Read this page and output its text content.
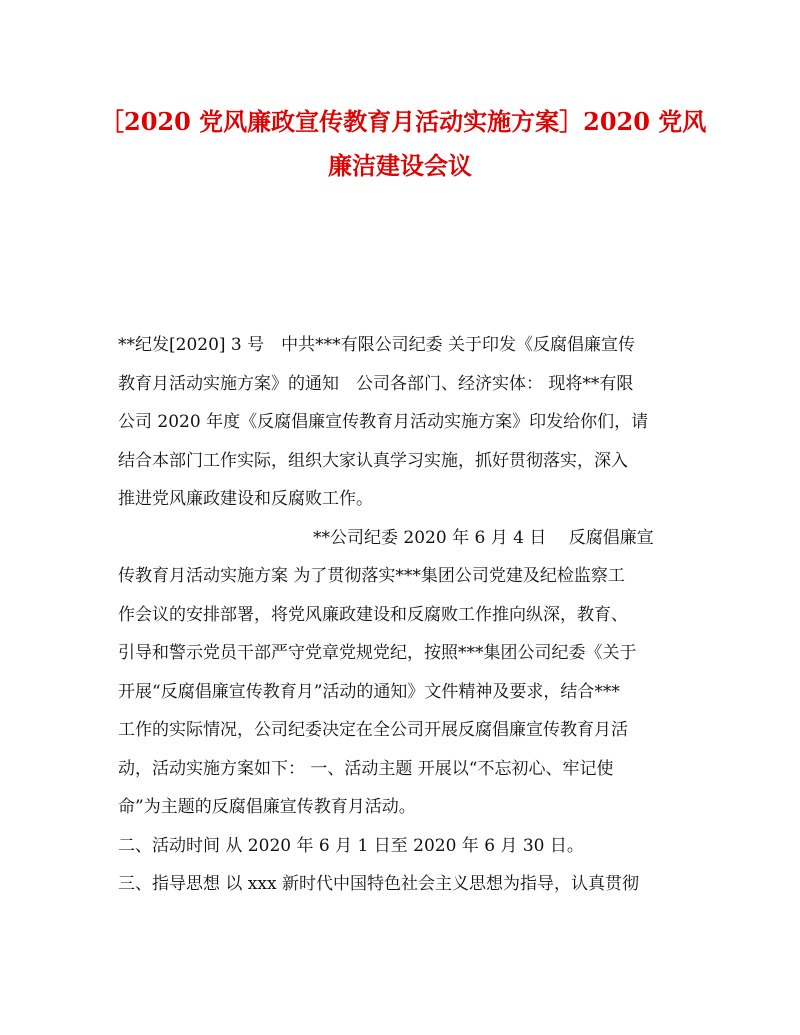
［2020 党风廉政宣传教育月活动实施方案］2020 党风
廉洁建设会议
**纪发[2020] 3 号　中共***有限公司纪委 关于印发《反腐倡廉宣传
教育月活动实施方案》的通知　公司各部门、经济实体： 现将**有限
公司 2020 年度《反腐倡廉宣传教育月活动实施方案》印发给你们，请
结合本部门工作实际，组织大家认真学习实施，抓好贯彻落实，深入
推进党风廉政建设和反腐败工作。
**公司纪委 2020 年 6 月 4 日　 反腐倡廉宣
传教育月活动实施方案 为了贯彻落实***集团公司党建及纪检监察工
作会议的安排部署，将党风廉政建设和反腐败工作推向纵深，教育、
引导和警示党员干部严守党章党规党纪，按照***集团公司纪委《关于
开展“反腐倡廉宣传教育月”活动的通知》文件精神及要求，结合***
工作的实际情况，公司纪委决定在全公司开展反腐倡廉宣传教育月活
动，活动实施方案如下： 一、活动主题 开展以“不忘初心、牢记使
命”为主题的反腐倡廉宣传教育月活动。
二、活动时间 从 2020 年 6 月 1 日至 2020 年 6 月 30 日。
三、指导思想 以 xxx 新时代中国特色社会主义思想为指导，认真贯彻
